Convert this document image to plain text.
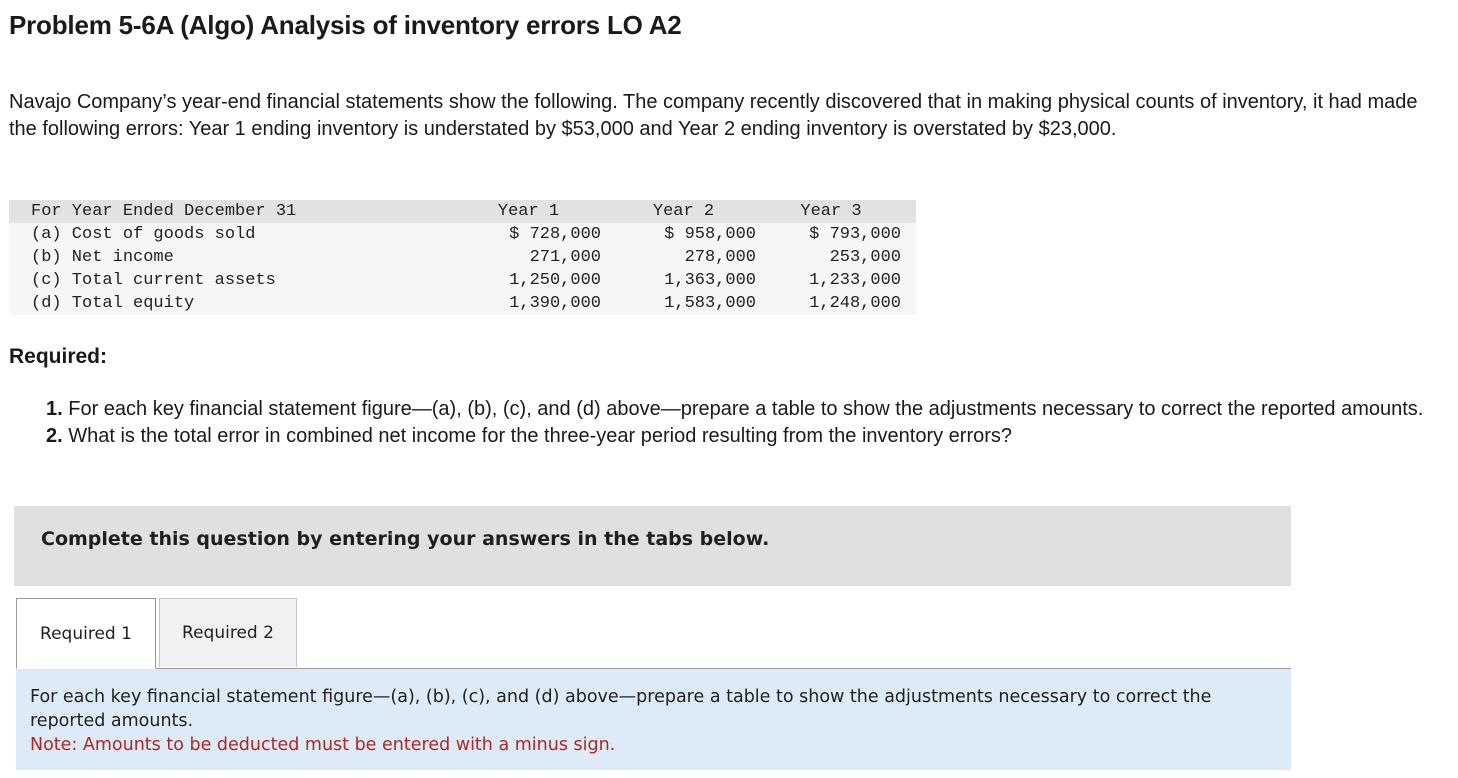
Problem 5-6A (Algo) Analysis of inventory errors LO A2
Navajo Company’s year-end financial statements show the following. The company recently discovered that in making physical counts of inventory, it had made the following errors: Year 1 ending inventory is understated by $53,000 and Year 2 ending inventory is overstated by $23,000.
For Year Ended December 31	Year 1	Year 2	Year 3
(a) Cost of goods sold	$ 728,000	$ 958,000	$ 793,000
(b) Net income	271,000	278,000	253,000
(c) Total current assets	1,250,000	1,363,000	1,233,000
(d) Total equity	1,390,000	1,583,000	1,248,000
Required:
1. For each key financial statement figure—(a), (b), (c), and (d) above—prepare a table to show the adjustments necessary to correct the reported amounts.
2. What is the total error in combined net income for the three-year period resulting from the inventory errors?
Complete this question by entering your answers in the tabs below.
Required 1	Required 2
For each key financial statement figure—(a), (b), (c), and (d) above—prepare a table to show the adjustments necessary to correct the reported amounts.
Note: Amounts to be deducted must be entered with a minus sign.
